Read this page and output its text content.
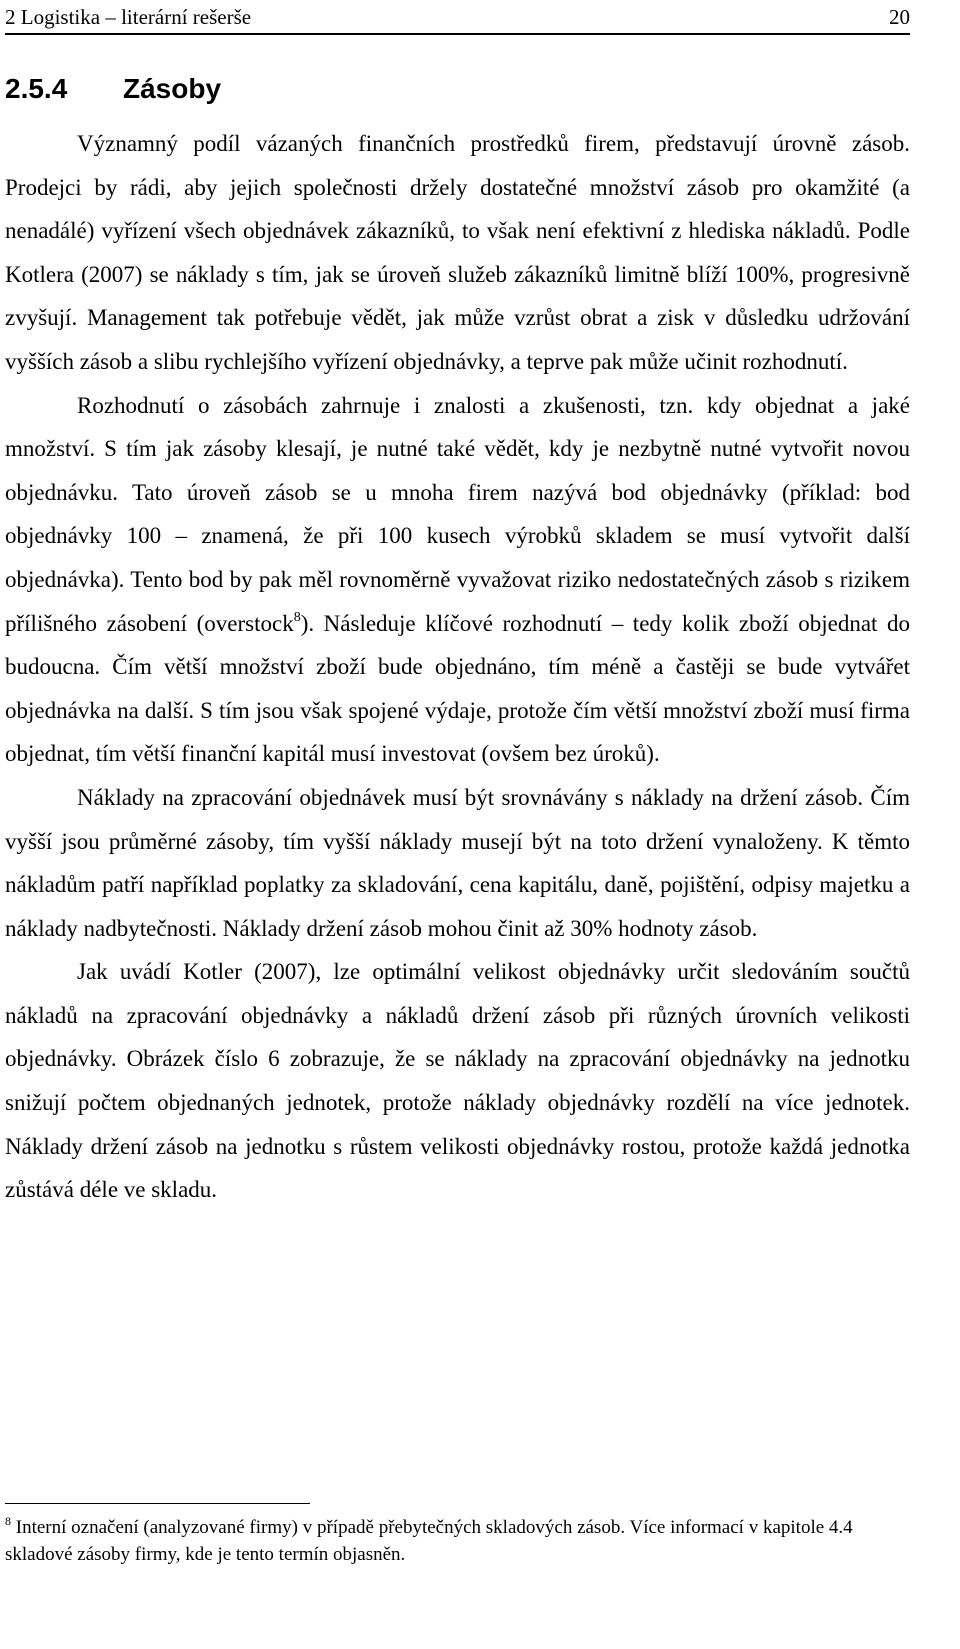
2 Logistika – literární rešerše	20
2.5.4 Zásoby

Významný podíl vázaných finančních prostředků firem, představují úrovně zásob. Prodejci by rádi, aby jejich společnosti držely dostatečné množství zásob pro okamžité (a nenadálé) vyřízení všech objednávek zákazníků, to však není efektivní z hlediska nákladů. Podle Kotlera (2007) se náklady s tím, jak se úroveň služeb zákazníků limitně blíží 100%, progresivně zvyšují. Management tak potřebuje vědět, jak může vzrůst obrat a zisk v důsledku udržování vyšších zásob a slibu rychlejšího vyřízení objednávky, a teprve pak může učinit rozhodnutí.

Rozhodnutí o zásobách zahrnuje i znalosti a zkušenosti, tzn. kdy objednat a jaké množství. S tím jak zásoby klesají, je nutné také vědět, kdy je nezbytně nutné vytvořit novou objednávku. Tato úroveň zásob se u mnoha firem nazývá bod objednávky (příklad: bod objednávky 100 – znamená, že při 100 kusech výrobků skladem se musí vytvořit další objednávka). Tento bod by pak měl rovnoměrně vyvažovat riziko nedostatečných zásob s rizikem přílišného zásobení (overstock$^8$). Následuje klíčové rozhodnutí – tedy kolik zboží objednat do budoucna. Čím větší množství zboží bude objednáno, tím méně a častěji se bude vytvářet objednávka na další. S tím jsou však spojené výdaje, protože čím větší množství zboží musí firma objednat, tím větší finanční kapitál musí investovat (ovšem bez úroků).

Náklady na zpracování objednávek musí být srovnávány s náklady na držení zásob. Čím vyšší jsou průměrné zásoby, tím vyšší náklady musejí být na toto držení vynaloženy. K těmto nákladům patří například poplatky za skladování, cena kapitálu, daně, pojištění, odpisy majetku a náklady nadbytečnosti. Náklady držení zásob mohou činit až 30% hodnoty zásob.

Jak uvádí Kotler (2007), lze optimální velikost objednávky určit sledováním součtů nákladů na zpracování objednávky a nákladů držení zásob při různých úrovních velikosti objednávky. Obrázek číslo 6 zobrazuje, že se náklady na zpracování objednávky na jednotku snižují počtem objednaných jednotek, protože náklady objednávky rozdělí na více jednotek. Náklady držení zásob na jednotku s růstem velikosti objednávky rostou, protože každá jednotka zůstává déle ve skladu.

$^8$ Interní označení (analyzované firmy) v případě přebytečných skladových zásob. Více informací v kapitole 4.4 skladové zásoby firmy, kde je tento termín objasněn.
